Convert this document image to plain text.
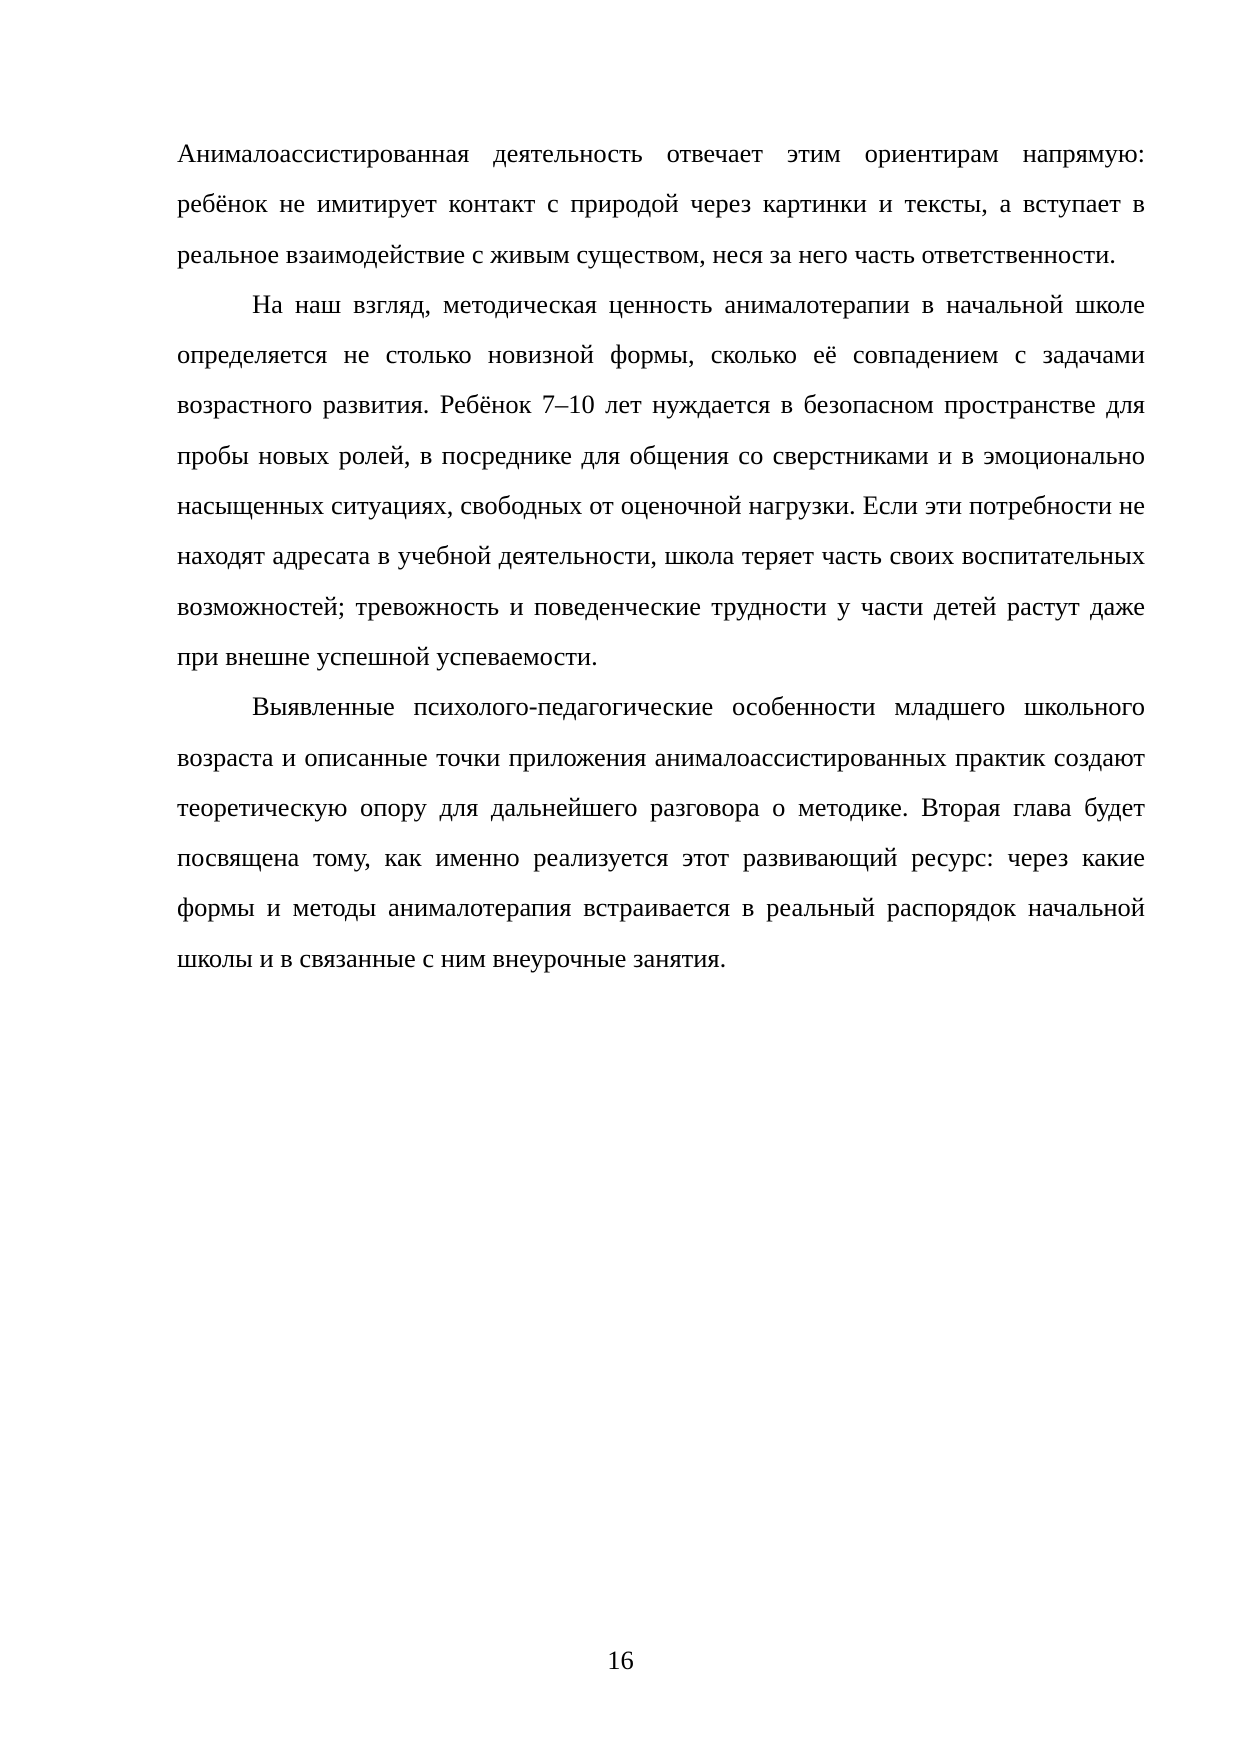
Анималоассистированная деятельность отвечает этим ориентирам напрямую: ребёнок не имитирует контакт с природой через картинки и тексты, а вступает в реальное взаимодействие с живым существом, неся за него часть ответственности.

На наш взгляд, методическая ценность анималотерапии в начальной школе определяется не столько новизной формы, сколько её совпадением с задачами возрастного развития. Ребёнок 7–10 лет нуждается в безопасном пространстве для пробы новых ролей, в посреднике для общения со сверстниками и в эмоционально насыщенных ситуациях, свободных от оценочной нагрузки. Если эти потребности не находят адресата в учебной деятельности, школа теряет часть своих воспитательных возможностей; тревожность и поведенческие трудности у части детей растут даже при внешне успешной успеваемости.

Выявленные психолого-педагогические особенности младшего школьного возраста и описанные точки приложения анималоассистированных практик создают теоретическую опору для дальнейшего разговора о методике. Вторая глава будет посвящена тому, как именно реализуется этот развивающий ресурс: через какие формы и методы анималотерапия встраивается в реальный распорядок начальной школы и в связанные с ним внеурочные занятия.

16
